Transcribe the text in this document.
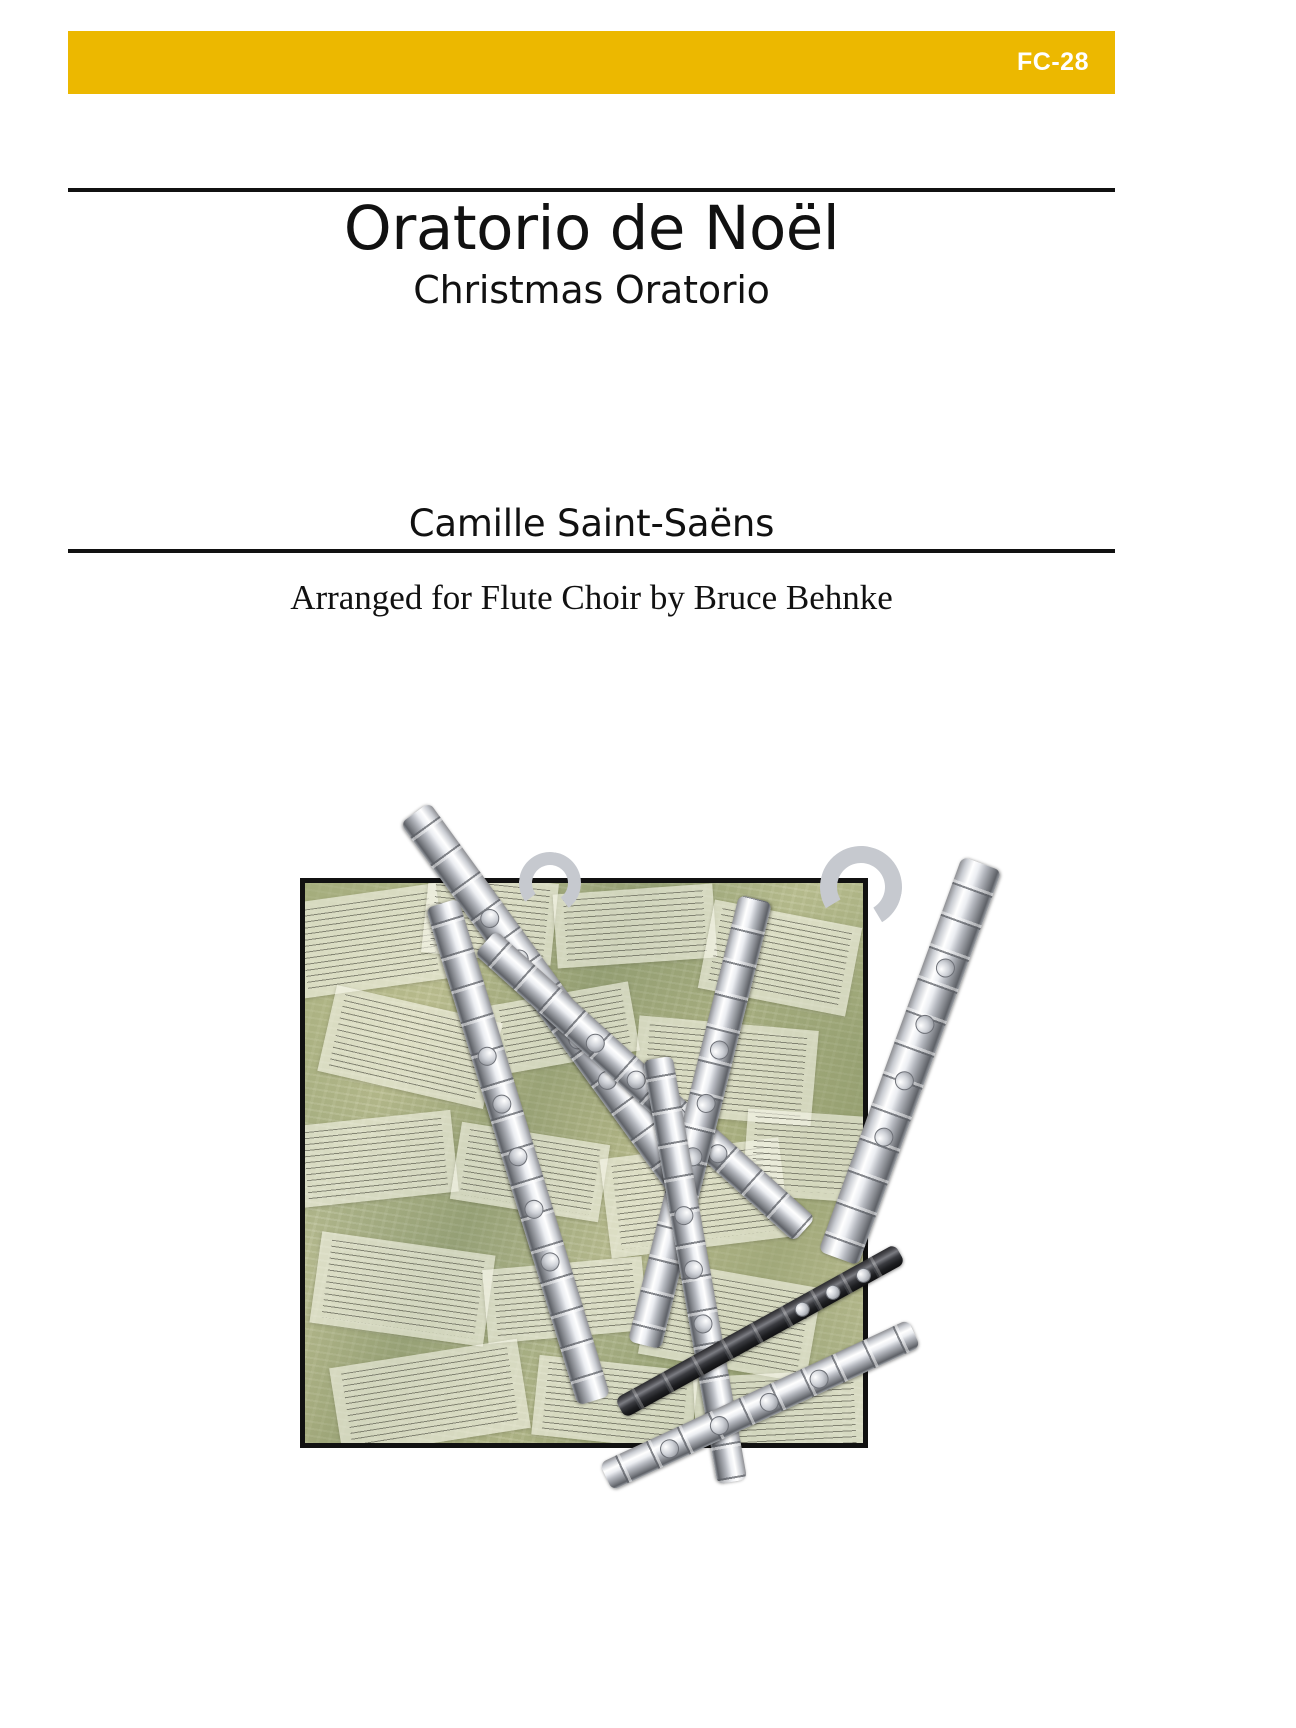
FC-28
Oratorio de Noël
Christmas Oratorio
Camille Saint-Saëns
Arranged for Flute Choir by Bruce Behnke
